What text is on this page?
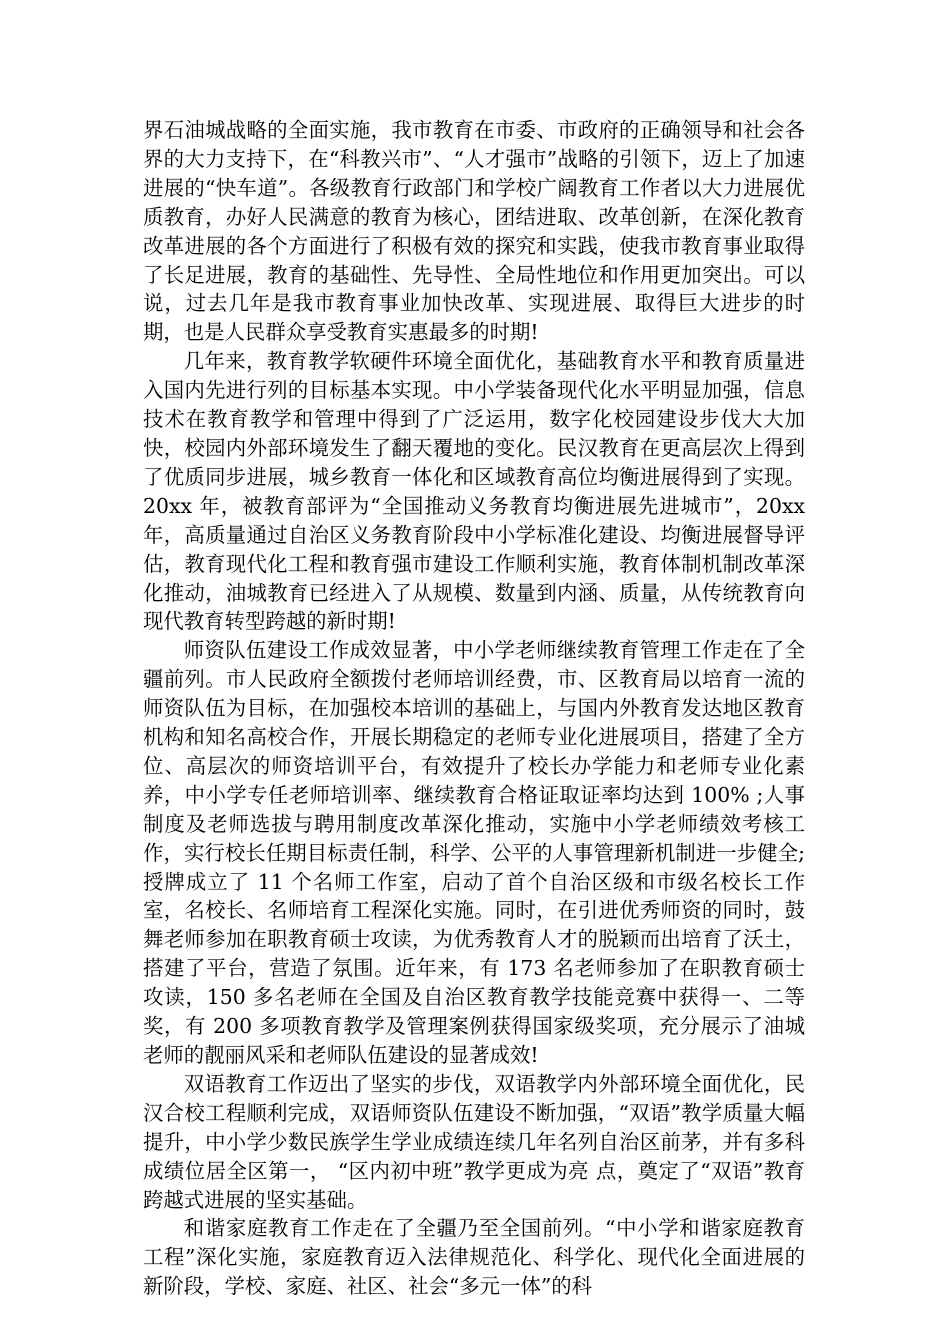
界石油城战略的全面实施，我市教育在市委、市政府的正确领导和社会各界的大力支持下，在“科教兴市”、“人才强市”战略的引领下，迈上了加速进展的“快车道”。各级教育行政部门和学校广阔教育工作者以大力进展优质教育，办好人民满意的教育为核心，团结进取、改革创新，在深化教育改革进展的各个方面进行了积极有效的探究和实践，使我市教育事业取得了长足进展，教育的基础性、先导性、全局性地位和作用更加突出。可以说，过去几年是我市教育事业加快改革、实现进展、取得巨大进步的时期，也是人民群众享受教育实惠最多的时期!

几年来，教育教学软硬件环境全面优化，基础教育水平和教育质量进入国内先进行列的目标基本实现。中小学装备现代化水平明显加强，信息技术在教育教学和管理中得到了广泛运用，数字化校园建设步伐大大加快，校园内外部环境发生了翻天覆地的变化。民汉教育在更高层次上得到了优质同步进展，城乡教育一体化和区域教育高位均衡进展得到了实现。20xx 年，被教育部评为“全国推动义务教育均衡进展先进城市”，20xx 年，高质量通过自治区义务教育阶段中小学标准化建设、均衡进展督导评估，教育现代化工程和教育强市建设工作顺利实施，教育体制机制改革深化推动，油城教育已经进入了从规模、数量到内涵、质量，从传统教育向现代教育转型跨越的新时期!

师资队伍建设工作成效显著，中小学老师继续教育管理工作走在了全疆前列。市人民政府全额拨付老师培训经费，市、区教育局以培育一流的师资队伍为目标，在加强校本培训的基础上，与国内外教育发达地区教育机构和知名高校合作，开展长期稳定的老师专业化进展项目，搭建了全方位、高层次的师资培训平台，有效提升了校长办学能力和老师专业化素养，中小学专任老师培训率、继续教育合格证取证率均达到 100% ;人事制度及老师选拔与聘用制度改革深化推动，实施中小学老师绩效考核工作，实行校长任期目标责任制，科学、公平的人事管理新机制进一步健全;授牌成立了 11 个名师工作室，启动了首个自治区级和市级名校长工作室，名校长、名师培育工程深化实施。同时，在引进优秀师资的同时，鼓舞老师参加在职教育硕士攻读，为优秀教育人才的脱颖而出培育了沃土，搭建了平台，营造了氛围。近年来，有 173 名老师参加了在职教育硕士攻读，150 多名老师在全国及自治区教育教学技能竞赛中获得一、二等奖，有 200 多项教育教学及管理案例获得国家级奖项，充分展示了油城老师的靓丽风采和老师队伍建设的显著成效!

双语教育工作迈出了坚实的步伐，双语教学内外部环境全面优化，民汉合校工程顺利完成，双语师资队伍建设不断加强，“双语”教学质量大幅提升，中小学少数民族学生学业成绩连续几年名列自治区前茅，并有多科成绩位居全区第一， “区内初中班”教学更成为亮 点，奠定了“双语”教育跨越式进展的坚实基础。

和谐家庭教育工作走在了全疆乃至全国前列。“中小学和谐家庭教育工程”深化实施，家庭教育迈入法律规范化、科学化、现代化全面进展的新阶段，学校、家庭、社区、社会“多元一体”的科
